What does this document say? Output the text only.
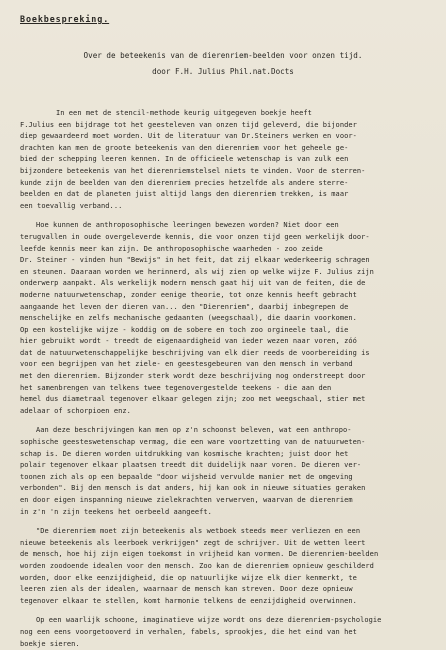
Boekbespreking.
Over de beteekenis van de dierenriem-beelden voor onzen tijd.
door F.H. Julius Phil.nat.Docts
In een met de stencil-methode keurig uitgegeven boekje heeft
F.Julius een bijdrage tot het geesteleven van onzen tijd geleverd, die bijonder
diep gewaardeerd moet worden. Uit de literatuur van Dr.Steiners werken en voor-
drachten kan men de groote beteekenis van den dierenriem voor het geheele ge-
bied der schepping leeren kennen. In de officieele wetenschap is van zulk een
bijzondere beteekenis van het dierenriemstelsel niets te vinden. Voor de sterren-
kunde zijn de beelden van den dierenriem precies hetzelfde als andere sterre-
beelden en dat de planeten juist altijd langs den dierenriem trekken, is maar
een toevallig verband...
Hoe kunnen de anthroposophische leeringen bewezen worden? Niet door een
terugvallen in oude overgeleverde kennis, die voor onzen tijd geen werkelijk door-
leefde kennis meer kan zijn. De anthroposophische waarheden - zoo zeide
Dr. Steiner - vinden hun "Bewijs" in het feit, dat zij elkaar wederkeerig schragen
en steunen. Daaraan worden we herinnerd, als wij zien op welke wijze F. Julius zijn
onderwerp aanpakt. Als werkelijk modern mensch gaat hij uit van de feiten, die de
moderne natuurwetenschap, zonder eenige theorie, tot onze kennis heeft gebracht
aangaande het leven der dieren van... den "Dierenriem", daarbij inbegrepen de
menschelijke en zelfs mechanische gedaanten (weegschaal), die daarin voorkomen.
Op een kostelijke wijze - koddig om de sobere en toch zoo orgineele taal, die
hier gebruikt wordt - treedt de eigenaardigheid van ieder wezen naar voren, zóó
dat de natuurwetenschappelijke beschrijving van elk dier reeds de voorbereiding is
voor een begrijpen van het ziele- en geestesgebeuren van den mensch in verband
met den dierenriem. Bijzonder sterk wordt deze beschrijving nog onderstreept door
het samenbrengen van telkens twee tegenovergestelde teekens - die aan den
hemel dus diametraal tegenover elkaar gelegen zijn; zoo met weegschaal, stier met
adelaar of schorpioen enz.
Aan deze beschrijvingen kan men op z'n schoonst beleven, wat een anthropo-
sophische geesteswetenschap vermag, die een ware voortzetting van de natuurweten-
schap is. De dieren worden uitdrukking van kosmische krachten; juist door het
polair tegenover elkaar plaatsen treedt dit duidelijk naar voren. De dieren ver-
toonen zich als op een bepaalde "door wijsheid vervulde manier met de omgeving
verbonden". Bij den mensch is dat anders, hij kan ook in nieuwe situaties geraken
en door eigen inspanning nieuwe zielekrachten verwerven, waarvan de dierenriem
in z'n 'n zijn teekens het oerbeeld aangeeft.
"De dierenriem moet zijn beteekenis als wetboek steeds meer verliezen en een
nieuwe beteekenis als leerboek verkrijgen" zegt de schrijver. Uit de wetten leert
de mensch, hoe hij zijn eigen toekomst in vrijheid kan vormen. De dierenriem-beelden
worden zoodoende idealen voor den mensch. Zoo kan de dierenriem opnieuw geschilderd
worden, door elke eenzijdigheid, die op natuurlijke wijze elk dier kenmerkt, te
leeren zien als der idealen, waarnaar de mensch kan streven. Door deze opnieuw
tegenover elkaar te stellen, komt harmonie telkens de eenzijdigheid overwinnen.
Op een waarlijk schoone, imaginatieve wijze wordt ons deze dierenriem-psychologie
nog een eens voorgetooverd in verhalen, fabels, sprookjes, die het eind van het
boekje sieren.
